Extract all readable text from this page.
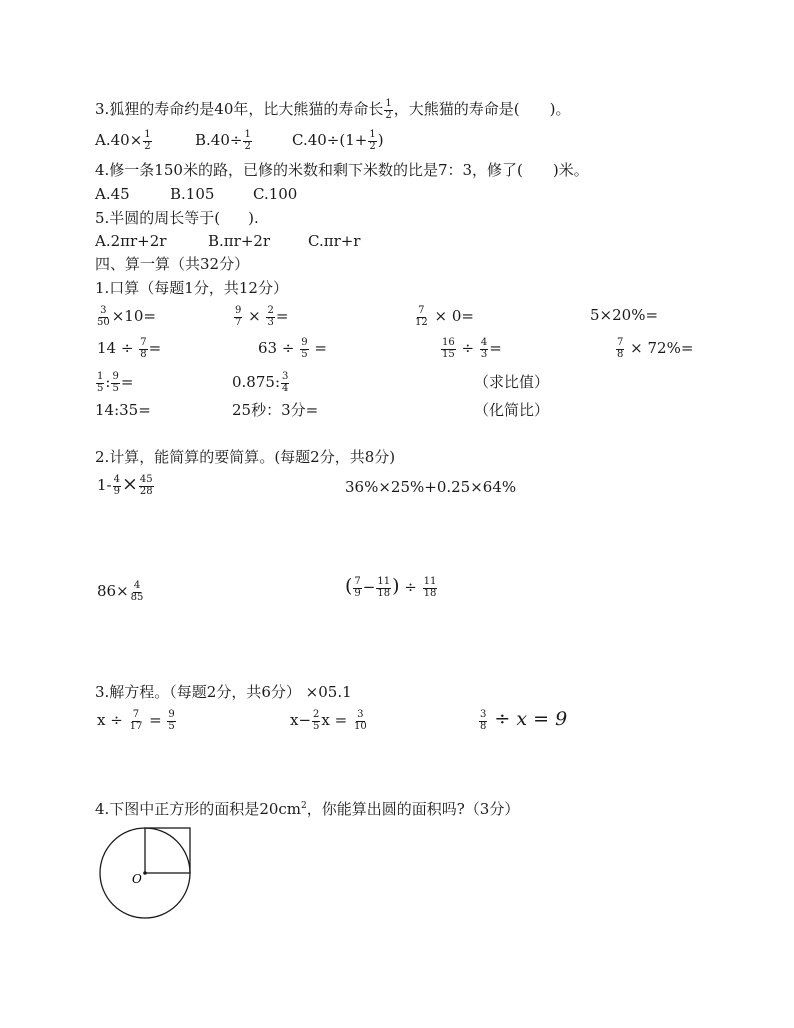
3.狐狸的寿命约是40年，比大熊猫的寿命长 $\frac{1}{2}$ ，大熊猫的寿命是( )。
$A.40\times \frac{1}{2}$	$B.40\div \frac{1}{2}$	$C.40\div(1+ \frac{1}{2}$ )
4.修一条150米的路，已修的米数和剩下米数的比是7：3，修了( )米。
A.45	B.105	C.100
5.半圆的周长等于( ).
A.2πr+2r	B.πr+2r	C.πr+r
四、算一算（共32分）
1.口算（每题1分，共12分）
$\frac{3}{50} \times 10=$	$\frac{9}{7} \times \frac{2}{3}$ =	$\frac{7}{12} \times 0=$	5×20%=
$14 \div \frac{7}{8}$ =	$63 \div \frac{9}{5}$ =	$\frac{16}{15} \div \frac{4}{3}$ =	$\frac{7}{8} \times 72\%=$
$\frac{1}{5}$ : $\frac{9}{5}$ =	0.875: $\frac{3}{4}$	（求比值）
14:35=	25秒：3分=	（化简比）
2.计算，能简算的要简算。(每题2分，共8分)
$1- \frac{4}{9} \times \frac{45}{28}$	36%×25%+0.25×64%
$86\times \frac{4}{85}$	( $\frac{7}{9} - \frac{11}{18}$ ) ÷ $\frac{11}{18}$
3.解方程。（每题2分，共6分） ×05.1
$x \div \frac{7}{17} = \frac{9}{5}$	$x- \frac{2}{5}$ $x = \frac{3}{10}$	$\frac{3}{8} \div x = 9$
4.下图中正方形的面积是$20cm^2$，你能算出圆的面积吗?（3分）
O
